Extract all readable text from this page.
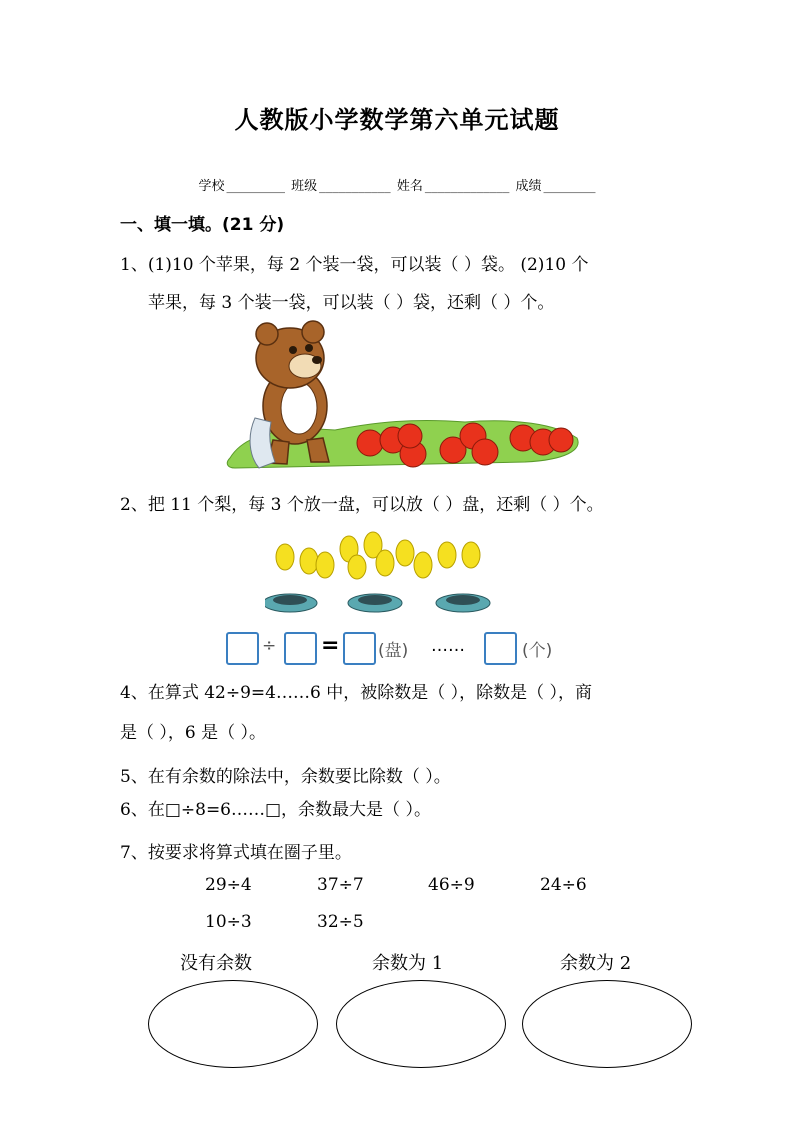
人教版小学数学第六单元试题
学校 _________ 班级 ___________ 姓名 _____________ 成绩 ________
一、填一填。(21 分)
1、(1)10 个苹果，每 2 个装一袋，可以装（ ）袋。 (2)10 个
苹果，每 3 个装一袋，可以装（ ）袋，还剩（ ）个。
2、把 11 个梨，每 3 个放一盘，可以放（ ）盘，还剩（ ）个。
÷ = (盘) ……	(个)
4、在算式 42÷9=4……6 中，被除数是（ ），除数是（ ），商
是（ ），6 是（ ）。
5、在有余数的除法中，余数要比除数（ ）。
6、在□÷8=6……□，余数最大是（ ）。
7、按要求将算式填在圈子里。
29÷4	37÷7	46÷9	24÷6
10÷3	32÷5
没有余数	余数为 1	余数为 2
